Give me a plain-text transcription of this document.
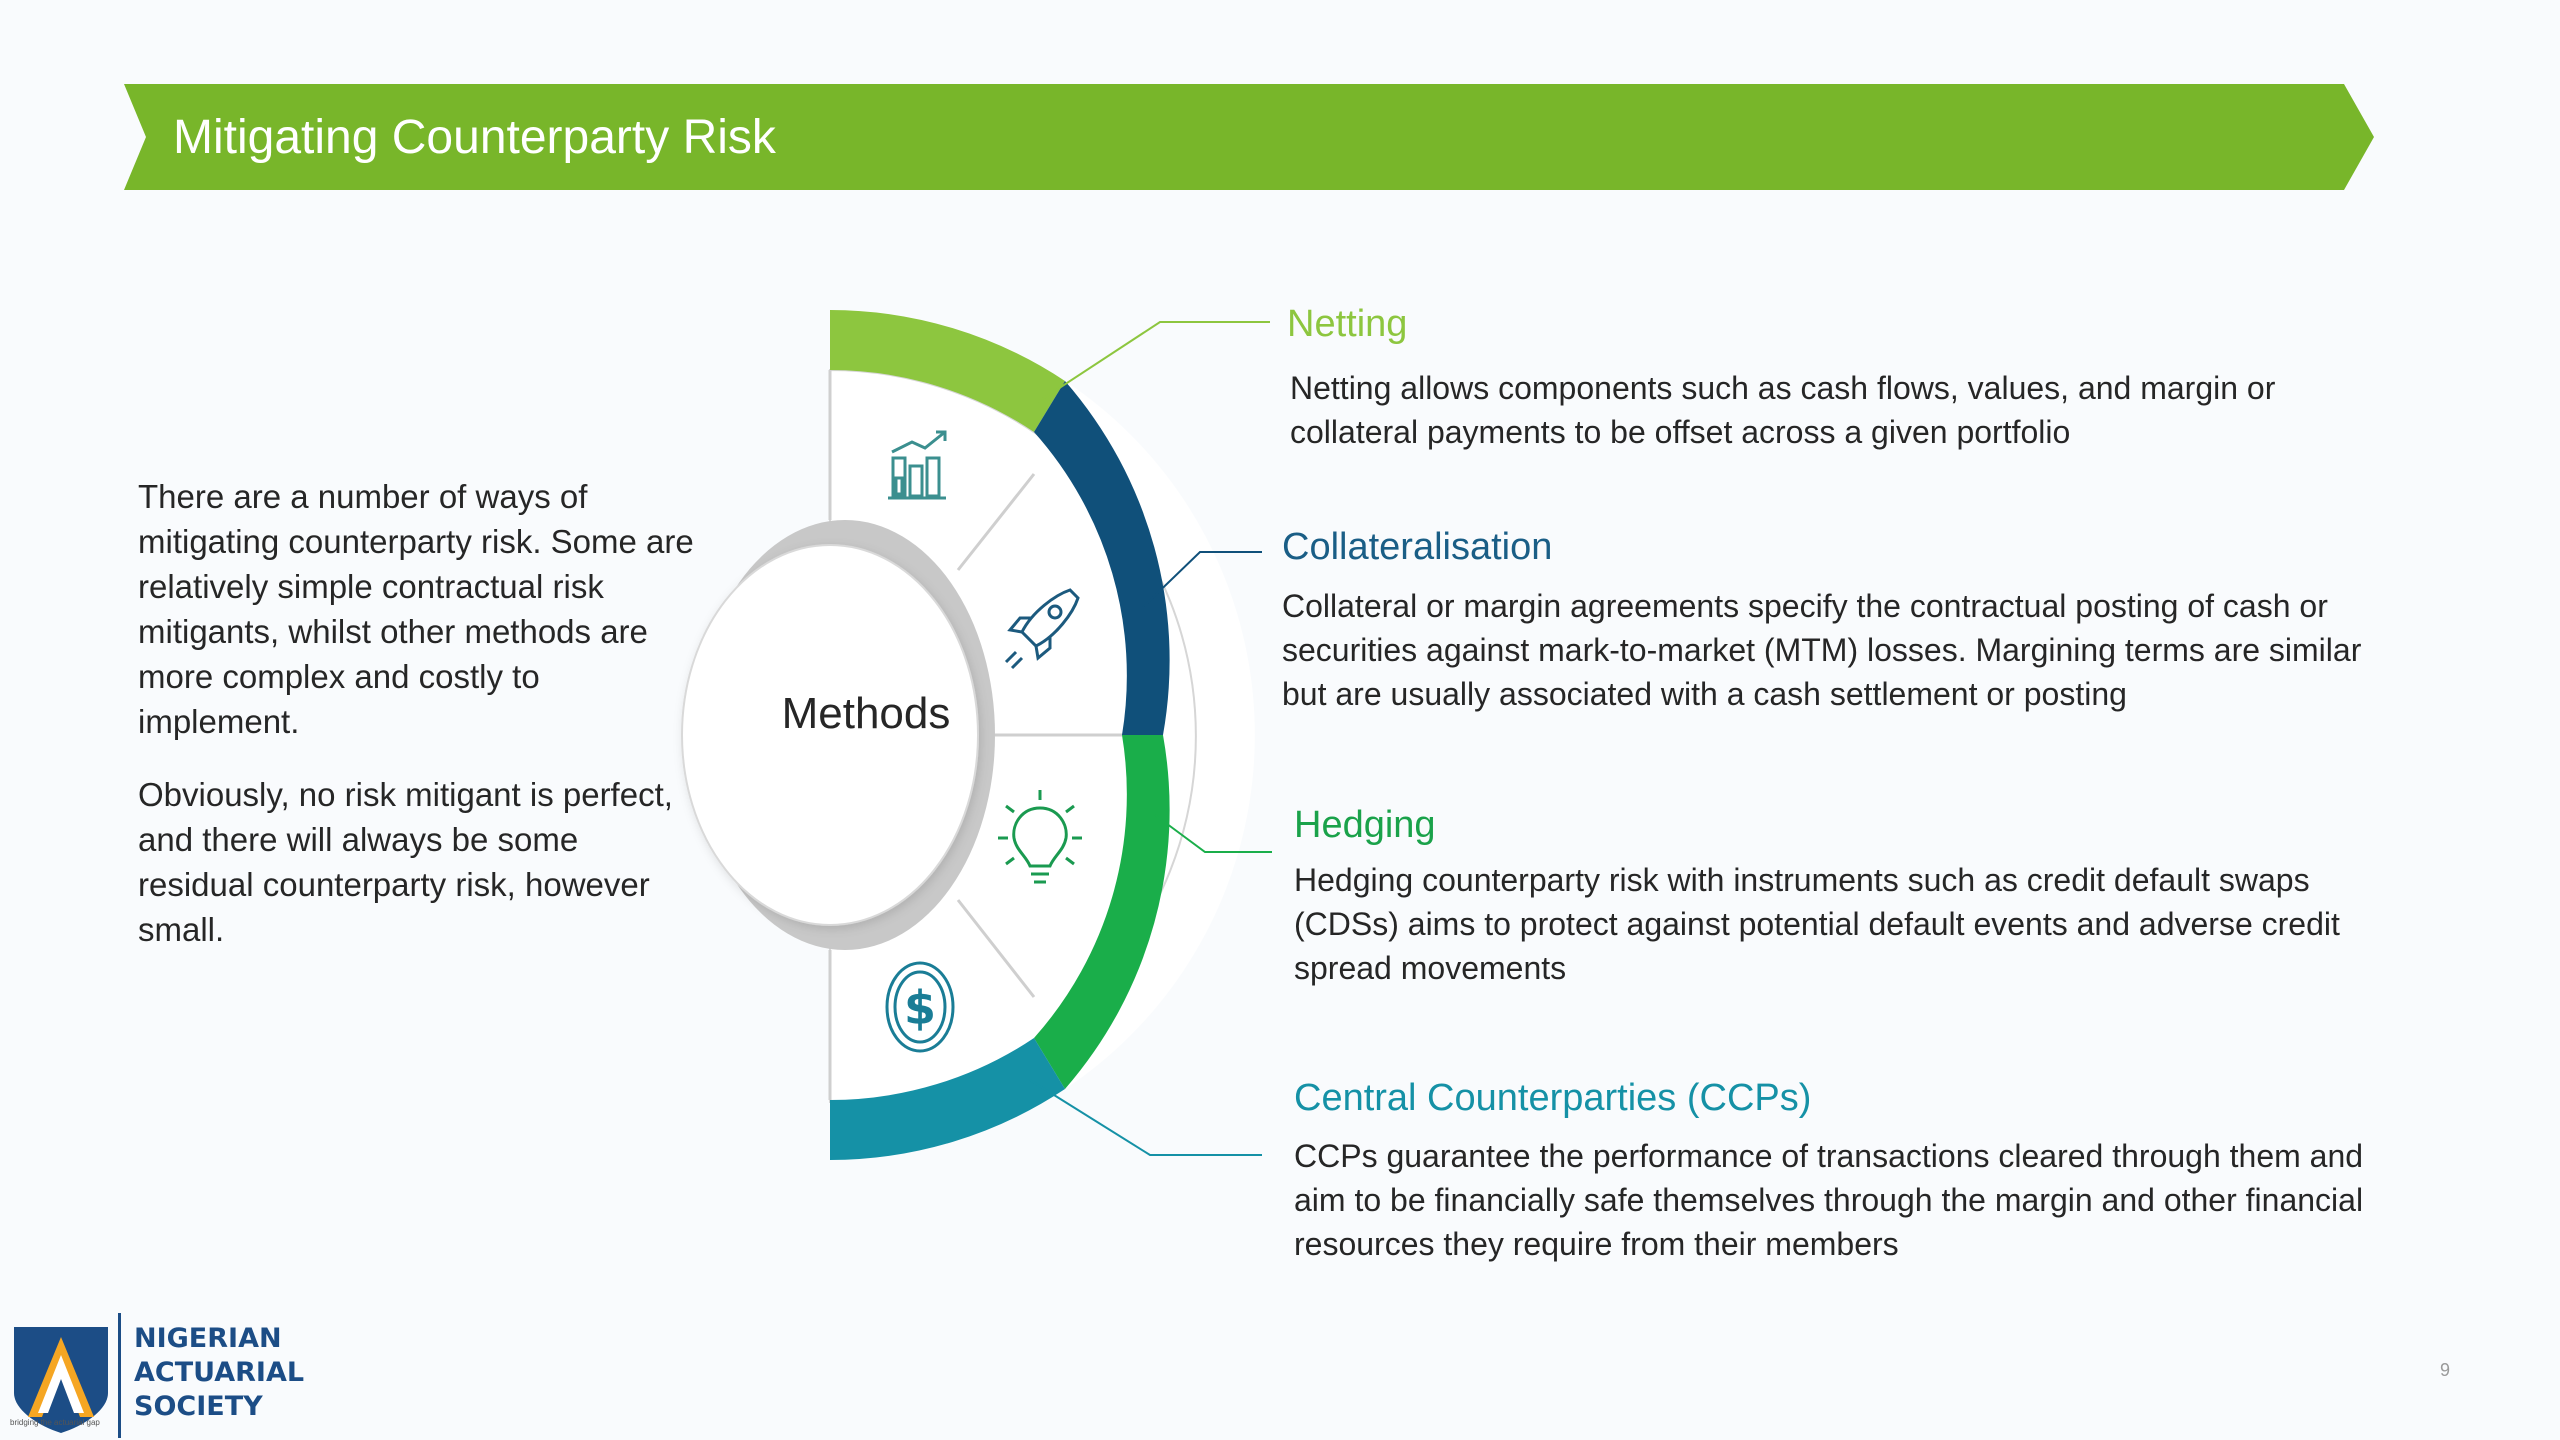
Mitigating Counterparty Risk

There are a number of ways of mitigating counterparty risk. Some are relatively simple contractual risk mitigants, whilst other methods are more complex and costly to implement.

Obviously, no risk mitigant is perfect, and there will always be some residual counterparty risk, however small.

Methods
$
Netting
Netting allows components such as cash flows, values, and margin or collateral payments to be offset across a given portfolio
Collateralisation
Collateral or margin agreements specify the contractual posting of cash or securities against mark-to-market (MTM) losses. Margining terms are similar but are usually associated with a cash settlement or posting
Hedging
Hedging counterparty risk with instruments such as credit default swaps (CDSs) aims to protect against potential default events and adverse credit spread movements
Central Counterparties (CCPs)
CCPs guarantee the performance of transactions cleared through them and aim to be financially safe themselves through the margin and other financial resources they require from their members
NIGERIAN
ACTUARIAL
SOCIETY
bridging the actuarial gap
9
